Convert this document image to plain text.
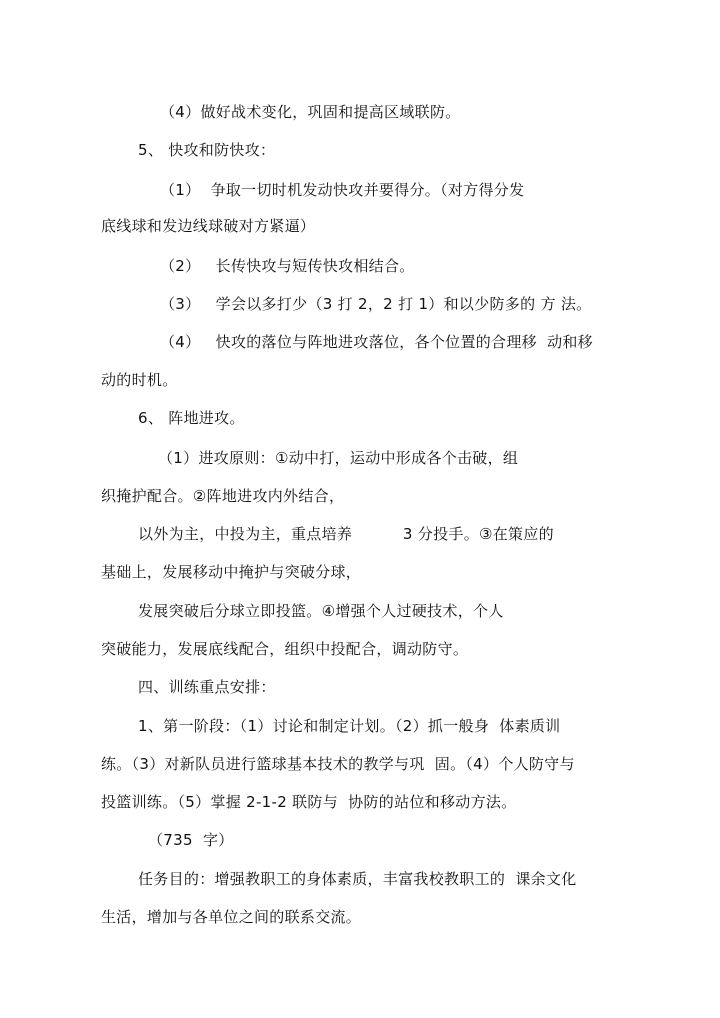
（4）做好战术变化，巩固和提高区域联防。
5、 快攻和防快攻：
（1）  争取一切时机发动快攻并要得分。（对方得分发
底线球和发边线球破对方紧逼）
（2）   长传快攻与短传快攻相结合。
（3）   学会以多打少（3 打 2，2 打 1）和以少防多的 方 法。
（4）   快攻的落位与阵地进攻落位，各个位置的合理移  动和移
动的时机。
6、 阵地进攻。
（1）进攻原则：①动中打，运动中形成各个击破，组
织掩护配合。②阵地进攻内外结合，
以外为主，中投为主，重点培养          3 分投手。③在策应的
基础上，发展移动中掩护与突破分球，
发展突破后分球立即投篮。④增强个人过硬技术，个人
突破能力，发展底线配合，组织中投配合，调动防守。
四、训练重点安排：
1、第一阶段：（1）讨论和制定计划。（2）抓一般身  体素质训
练。（3）对新队员进行篮球基本技术的教学与巩  固。（4）个人防守与
投篮训练。（5）掌握 2-1-2 联防与  协防的站位和移动方法。
（735  字）
任务目的：增强教职工的身体素质，丰富我校教职工的  课余文化
生活，增加与各单位之间的联系交流。
